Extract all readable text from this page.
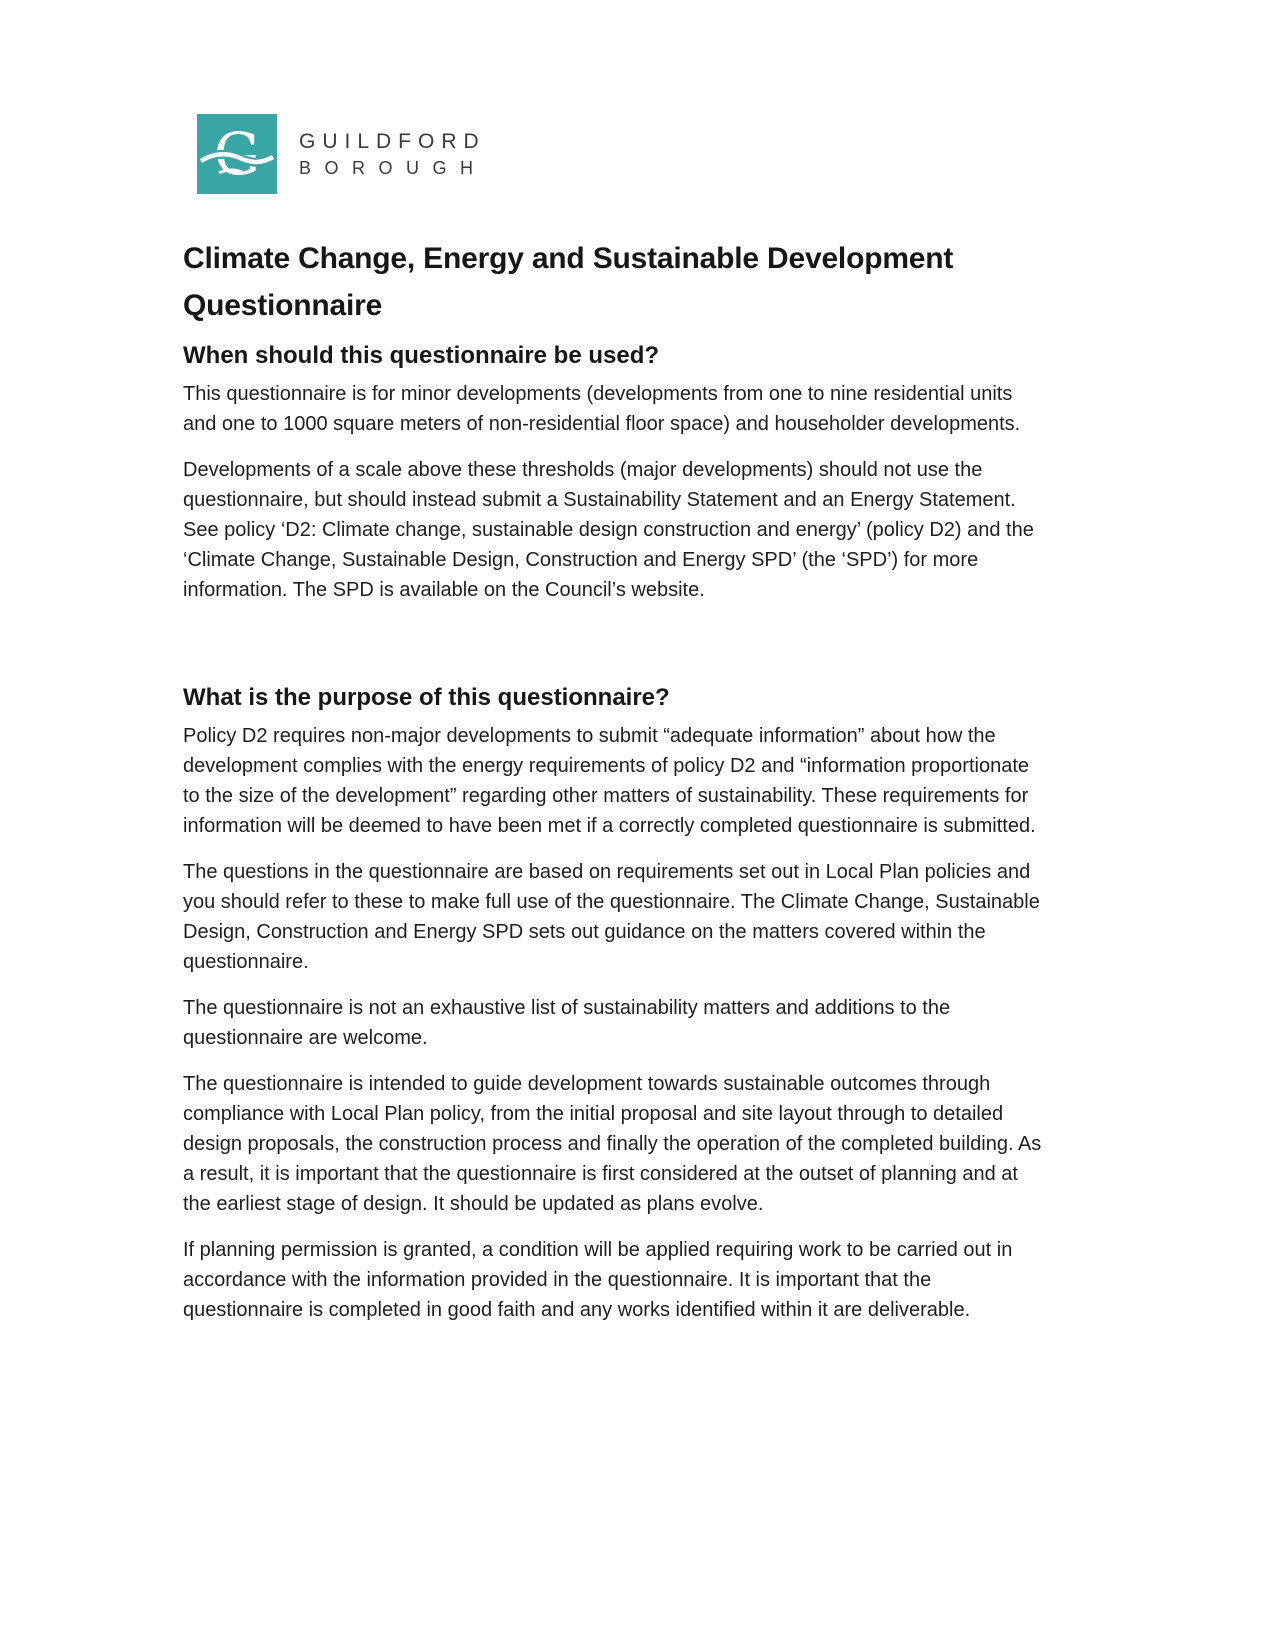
G	GUILDFORD
BOROUGH
Climate Change, Energy and Sustainable Development
Questionnaire
When should this questionnaire be used?

This questionnaire is for minor developments (developments from one to nine residential units and one to 1000 square meters of non-residential floor space) and householder developments.

Developments of a scale above these thresholds (major developments) should not use the questionnaire, but should instead submit a Sustainability Statement and an Energy Statement. See policy ‘D2: Climate change, sustainable design construction and energy’ (policy D2) and the ‘Climate Change, Sustainable Design, Construction and Energy SPD’ (the ‘SPD’) for more information. The SPD is available on the Council’s website.

What is the purpose of this questionnaire?

Policy D2 requires non-major developments to submit “adequate information” about how the development complies with the energy requirements of policy D2 and “information proportionate to the size of the development” regarding other matters of sustainability. These requirements for information will be deemed to have been met if a correctly completed questionnaire is submitted.

The questions in the questionnaire are based on requirements set out in Local Plan policies and you should refer to these to make full use of the questionnaire. The Climate Change, Sustainable Design, Construction and Energy SPD sets out guidance on the matters covered within the questionnaire.

The questionnaire is not an exhaustive list of sustainability matters and additions to the questionnaire are welcome.

The questionnaire is intended to guide development towards sustainable outcomes through compliance with Local Plan policy, from the initial proposal and site layout through to detailed design proposals, the construction process and finally the operation of the completed building. As a result, it is important that the questionnaire is first considered at the outset of planning and at the earliest stage of design. It should be updated as plans evolve.

If planning permission is granted, a condition will be applied requiring work to be carried out in accordance with the information provided in the questionnaire. It is important that the questionnaire is completed in good faith and any works identified within it are deliverable.
